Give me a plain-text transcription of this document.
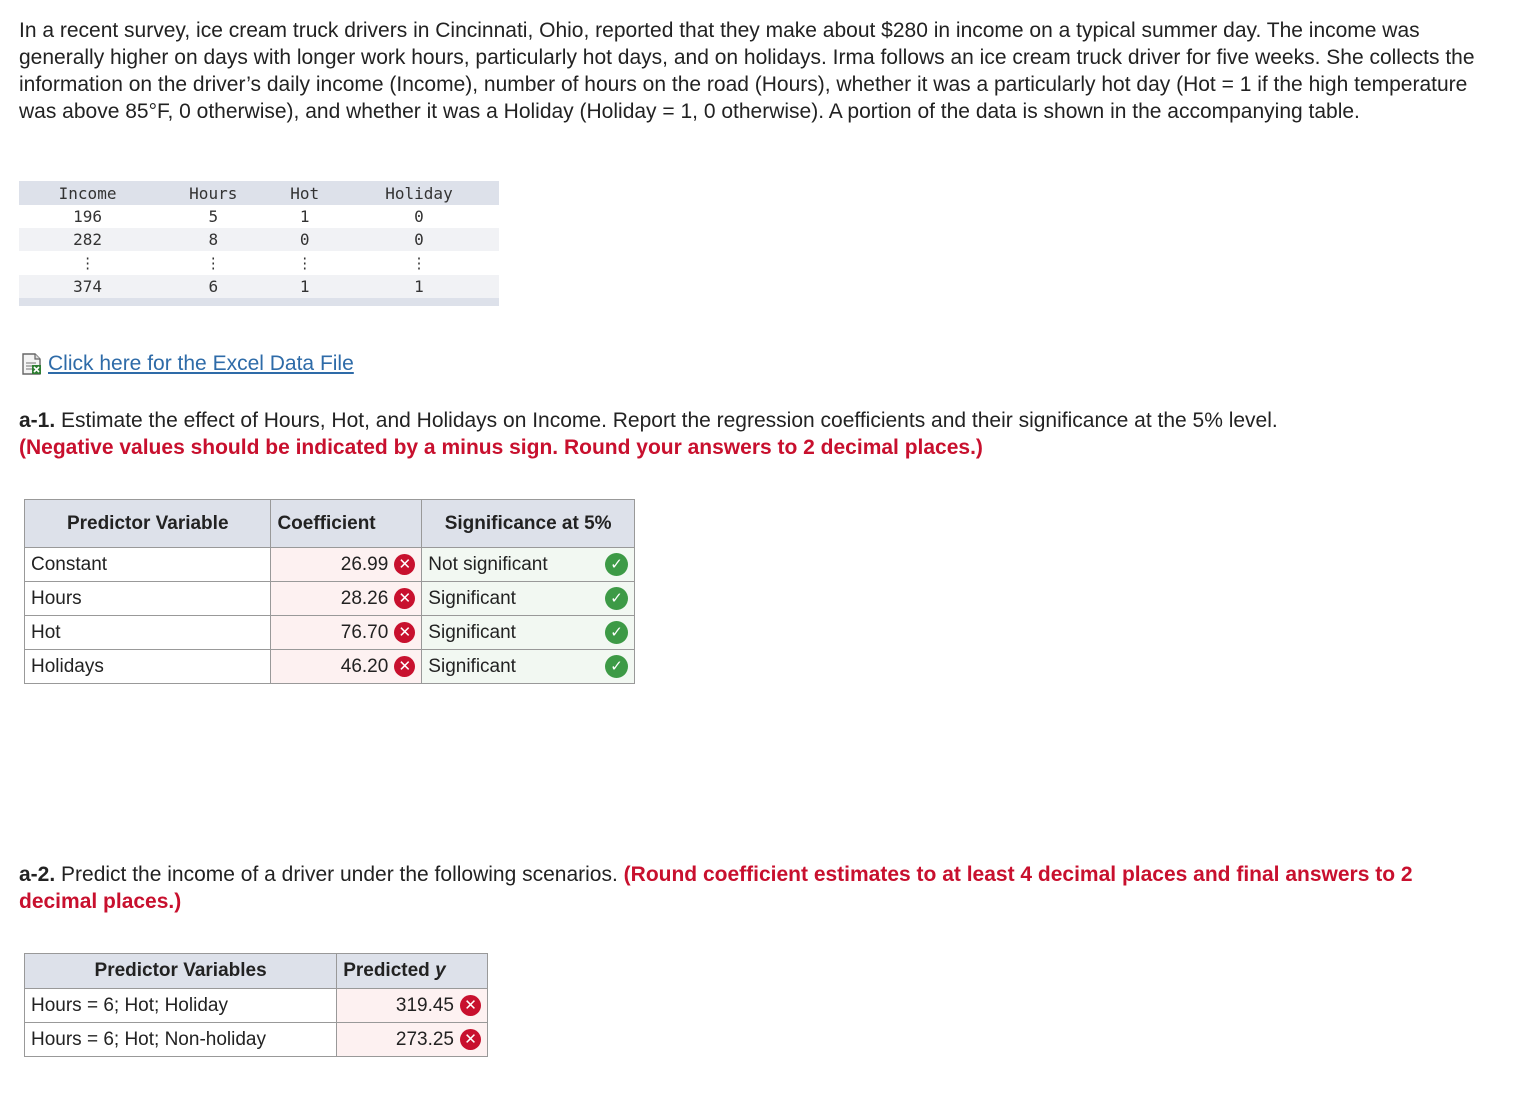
In a recent survey, ice cream truck drivers in Cincinnati, Ohio, reported that they make about $280 in income on a typical summer day. The income was generally higher on days with longer work hours, particularly hot days, and on holidays. Irma follows an ice cream truck driver for five weeks. She collects the information on the driver’s daily income (Income), number of hours on the road (Hours), whether it was a particularly hot day (Hot = 1 if the high temperature was above 85°F, 0 otherwise), and whether it was a Holiday (Holiday = 1, 0 otherwise). A portion of the data is shown in the accompanying table.

Income	Hours	Hot	Holiday
196	5	1	0
282	8	0	0
⋮	⋮	⋮	⋮
374	6	1	1
Click here for the Excel Data File

a-1. Estimate the effect of Hours, Hot, and Holidays on Income. Report the regression coefficients and their significance at the 5% level.
(Negative values should be indicated by a minus sign. Round your answers to 2 decimal places.)

Predictor Variable	Coefficient	Significance at 5%
Constant	26.99 ✕	Not significant ✓

Hours	28.26 ✕	Significant ✓

Hot	76.70 ✕	Significant ✓

Holidays	46.20 ✕	Significant ✓

a-2. Predict the income of a driver under the following scenarios. (Round coefficient estimates to at least 4 decimal places and final answers to 2 decimal places.)

Predictor Variables	Predicted y
Hours = 6; Hot; Holiday	319.45 ✕

Hours = 6; Hot; Non-holiday	273.25 ✕
